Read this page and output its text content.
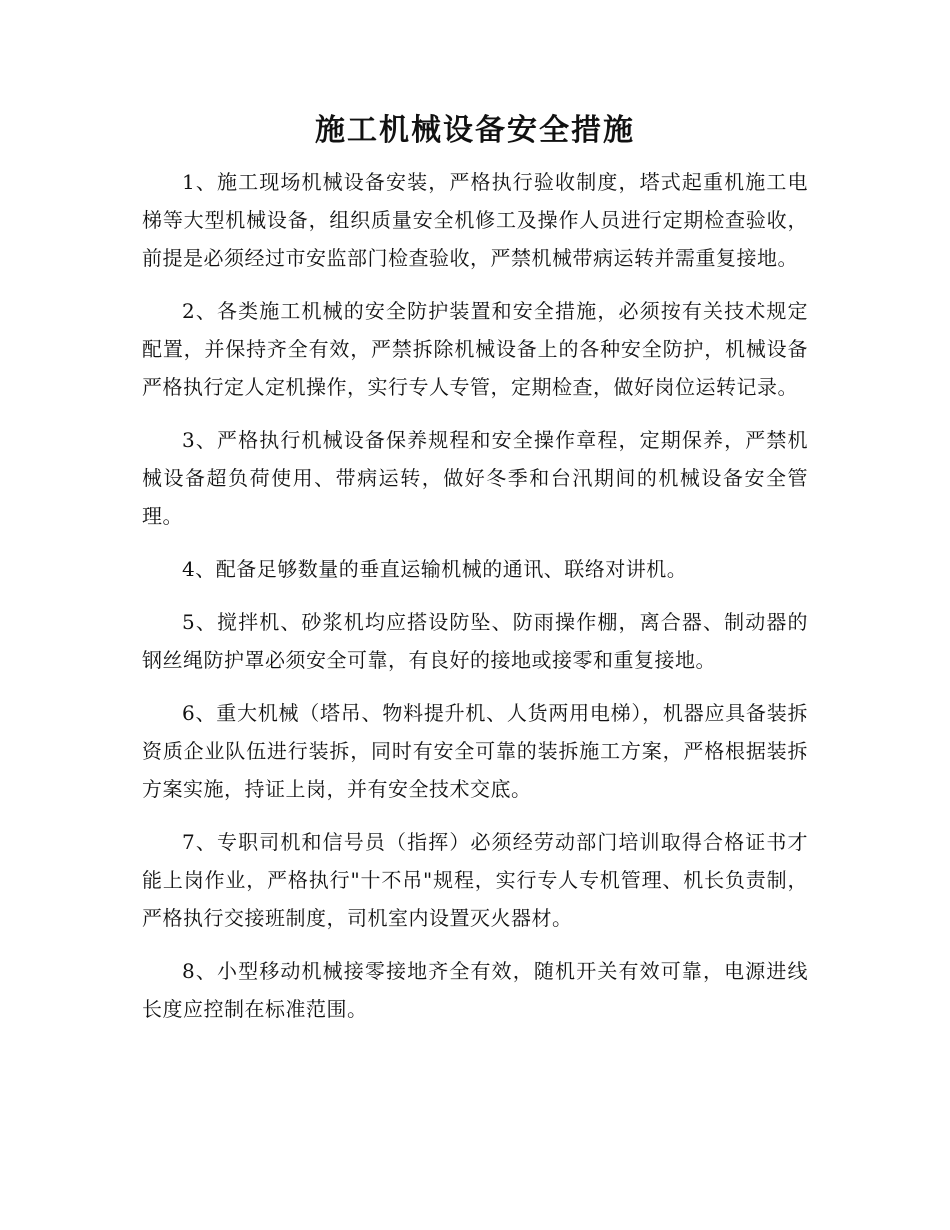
施工机械设备安全措施

1、施工现场机械设备安装，严格执行验收制度，塔式起重机施工电梯等大型机械设备，组织质量安全机修工及操作人员进行定期检查验收，前提是必须经过市安监部门检查验收，严禁机械带病运转并需重复接地。

2、各类施工机械的安全防护装置和安全措施，必须按有关技术规定配置，并保持齐全有效，严禁拆除机械设备上的各种安全防护，机械设备严格执行定人定机操作，实行专人专管，定期检查，做好岗位运转记录。

3、严格执行机械设备保养规程和安全操作章程，定期保养，严禁机械设备超负荷使用、带病运转，做好冬季和台汛期间的机械设备安全管理。

4、配备足够数量的垂直运输机械的通讯、联络对讲机。

5、搅拌机、砂浆机均应搭设防坠、防雨操作棚，离合器、制动器的钢丝绳防护罩必须安全可靠，有良好的接地或接零和重复接地。

6、重大机械（塔吊、物料提升机、人货两用电梯），机器应具备装拆资质企业队伍进行装拆，同时有安全可靠的装拆施工方案，严格根据装拆方案实施，持证上岗，并有安全技术交底。

7、专职司机和信号员（指挥）必须经劳动部门培训取得合格证书才能上岗作业，严格执行"十不吊"规程，实行专人专机管理、机长负责制，严格执行交接班制度，司机室内设置灭火器材。

8、小型移动机械接零接地齐全有效，随机开关有效可靠，电源进线长度应控制在标准范围。
